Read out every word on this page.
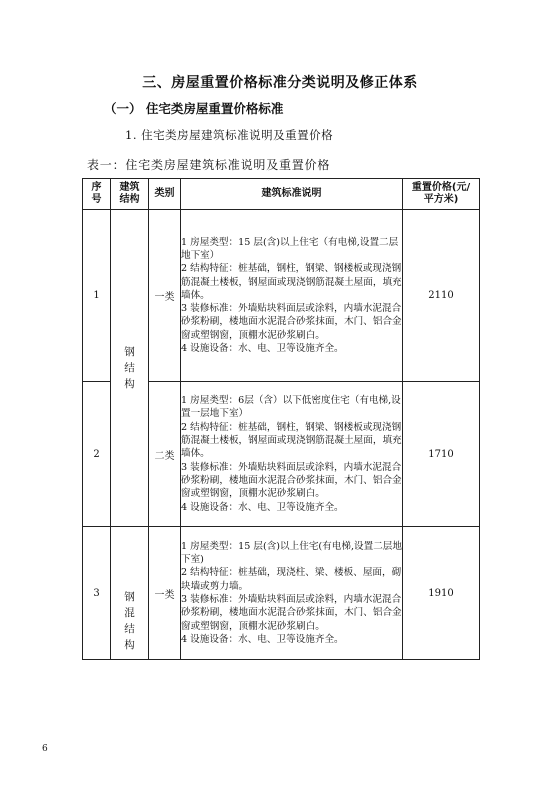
三、房屋重置价格标准分类说明及修正体系
（一） 住宅类房屋重置价格标准
1. 住宅类房屋建筑标准说明及重置价格
表一：住宅类房屋建筑标准说明及重置价格
序号	建筑结构	类别	建筑标准说明	重置价格(元/平方米)
1	钢结构	一类	1 房屋类型：15 层(含)以上住宅（有电梯,设置二层地下室）

2 结构特征：桩基础，钢柱，钢梁、钢楼板或现浇钢筋混凝土楼板，钢屋面或现浇钢筋混凝土屋面，填充墙体。

3 装修标准：外墙贴块料面层或涂料，内墙水泥混合砂浆粉刷，楼地面水泥混合砂浆抹面，木门、铝合金窗或塑钢窗，顶棚水泥砂浆刷白。

4 设施设备：水、电、卫等设施齐全。	2110
2		二类	1 房屋类型：6层（含）以下低密度住宅（有电梯,设置一层地下室）

2 结构特征：桩基础，钢柱，钢梁、钢楼板或现浇钢筋混凝土楼板，钢屋面或现浇钢筋混凝土屋面，填充墙体。

3 装修标准：外墙贴块料面层或涂料，内墙水泥混合砂浆粉刷，楼地面水泥混合砂浆抹面，木门、铝合金窗或塑钢窗，顶棚水泥砂浆刷白。

4 设施设备：水、电、卫等设施齐全。	1710
3	钢混结构	一类	1 房屋类型：15 层(含)以上住宅(有电梯,设置二层地下室)

2 结构特征：桩基础，现浇柱、梁、楼板、屋面，砌块墙或剪力墙。

3 装修标准：外墙贴块料面层或涂料，内墙水泥混合砂浆粉刷，楼地面水泥混合砂浆抹面，木门、铝合金窗或塑钢窗，顶棚水泥砂浆刷白。

4 设施设备：水、电、卫等设施齐全。	1910
6
